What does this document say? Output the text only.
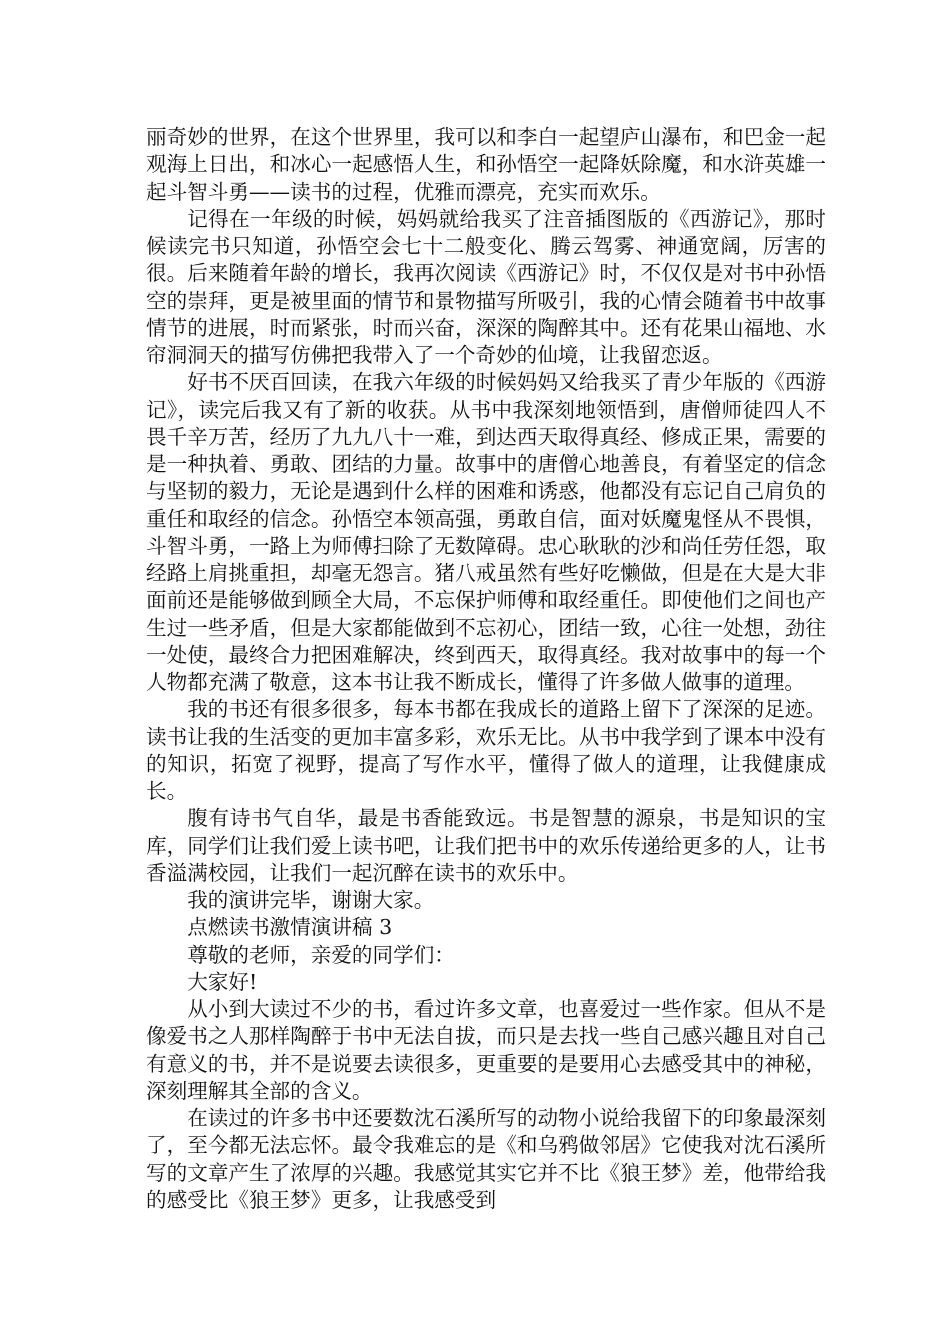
丽奇妙的世界，在这个世界里，我可以和李白一起望庐山瀑布，和巴金一起观海上日出，和冰心一起感悟人生，和孙悟空一起降妖除魔，和水浒英雄一起斗智斗勇——读书的过程，优雅而漂亮，充实而欢乐。

记得在一年级的时候，妈妈就给我买了注音插图版的《西游记》，那时候读完书只知道，孙悟空会七十二般变化、腾云驾雾、神通宽阔，厉害的很。后来随着年龄的增长，我再次阅读《西游记》时，不仅仅是对书中孙悟空的崇拜，更是被里面的情节和景物描写所吸引，我的心情会随着书中故事情节的进展，时而紧张，时而兴奋，深深的陶醉其中。还有花果山福地、水帘洞洞天的描写仿佛把我带入了一个奇妙的仙境，让我留恋返。

好书不厌百回读，在我六年级的时候妈妈又给我买了青少年版的《西游记》，读完后我又有了新的收获。从书中我深刻地领悟到，唐僧师徒四人不畏千辛万苦，经历了九九八十一难，到达西天取得真经、修成正果，需要的是一种执着、勇敢、团结的力量。故事中的唐僧心地善良，有着坚定的信念与坚韧的毅力，无论是遇到什么样的困难和诱惑，他都没有忘记自己肩负的重任和取经的信念。孙悟空本领高强，勇敢自信，面对妖魔鬼怪从不畏惧，斗智斗勇，一路上为师傅扫除了无数障碍。忠心耿耿的沙和尚任劳任怨，取经路上肩挑重担，却毫无怨言。猪八戒虽然有些好吃懒做，但是在大是大非面前还是能够做到顾全大局，不忘保护师傅和取经重任。即使他们之间也产生过一些矛盾，但是大家都能做到不忘初心，团结一致，心往一处想，劲往一处使，最终合力把困难解决，终到西天，取得真经。我对故事中的每一个人物都充满了敬意，这本书让我不断成长，懂得了许多做人做事的道理。

我的书还有很多很多，每本书都在我成长的道路上留下了深深的足迹。读书让我的生活变的更加丰富多彩，欢乐无比。从书中我学到了课本中没有的知识，拓宽了视野，提高了写作水平，懂得了做人的道理，让我健康成长。

腹有诗书气自华，最是书香能致远。书是智慧的源泉，书是知识的宝库，同学们让我们爱上读书吧，让我们把书中的欢乐传递给更多的人，让书香溢满校园，让我们一起沉醉在读书的欢乐中。

我的演讲完毕，谢谢大家。

点燃读书激情演讲稿 3

尊敬的老师，亲爱的同学们：

大家好!

从小到大读过不少的书，看过许多文章，也喜爱过一些作家。但从不是像爱书之人那样陶醉于书中无法自拔，而只是去找一些自己感兴趣且对自己有意义的书，并不是说要去读很多，更重要的是要用心去感受其中的神秘，深刻理解其全部的含义。

在读过的许多书中还要数沈石溪所写的动物小说给我留下的印象最深刻了，至今都无法忘怀。最令我难忘的是《和乌鸦做邻居》它使我对沈石溪所写的文章产生了浓厚的兴趣。我感觉其实它并不比《狼王梦》差，他带给我的感受比《狼王梦》更多，让我感受到
